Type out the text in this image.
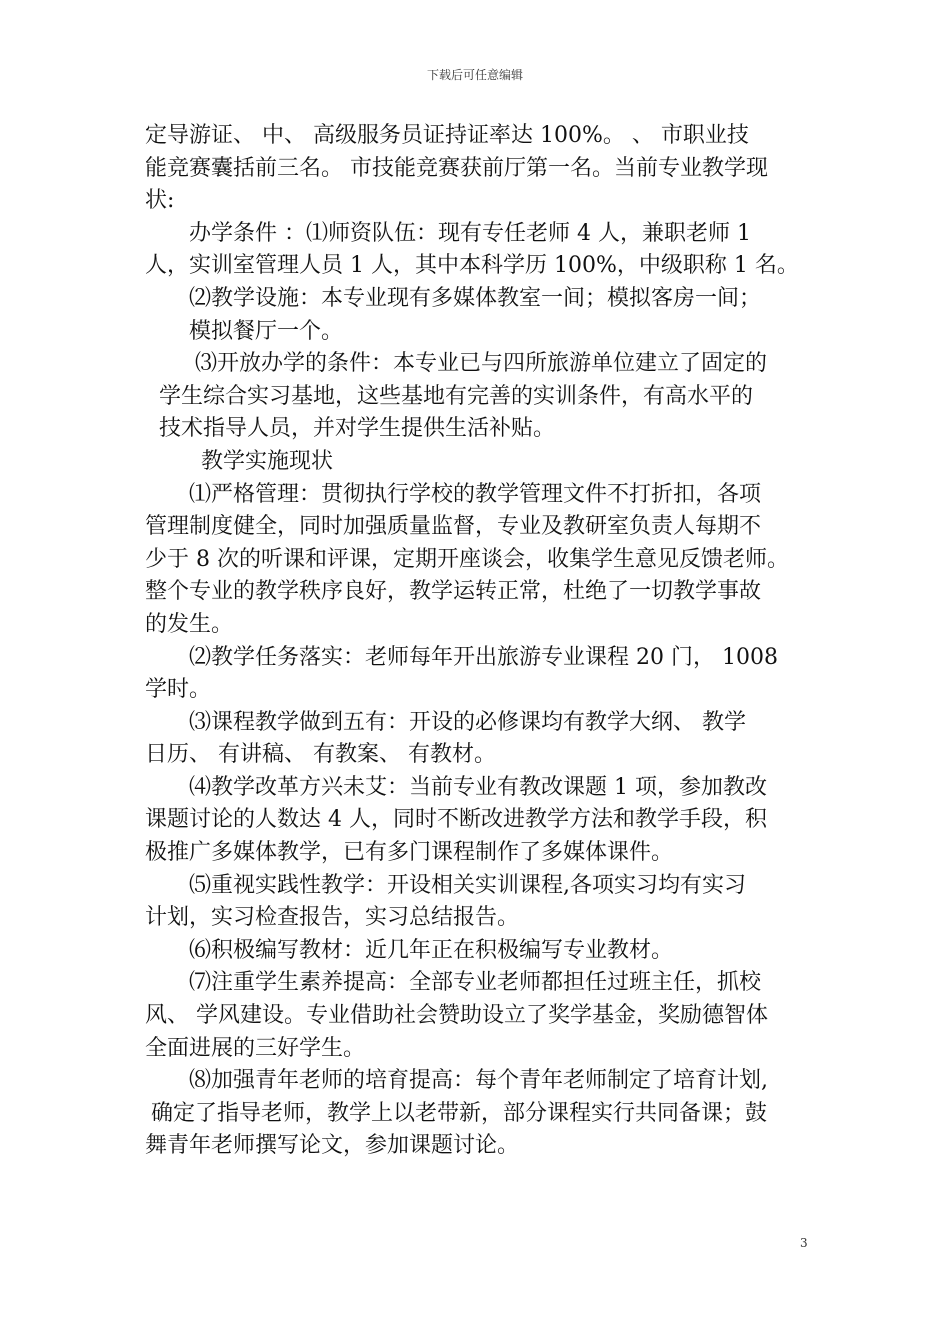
下载后可任意编辑
定导游证、 中、 高级服务员证持证率达 100%。 、 市职业技
能竞赛囊括前三名。 市技能竞赛获前厅第一名。当前专业教学现
状:
办学条件 ：⑴师资队伍：现有专任老师 4 人，兼职老师 1
人，实训室管理人员 1 人，其中本科学历 100%，中级职称 1 名。
⑵教学设施：本专业现有多媒体教室一间；模拟客房一间；
模拟餐厅一个。
⑶开放办学的条件：本专业已与四所旅游单位建立了固定的
学生综合实习基地，这些基地有完善的实训条件，有高水平的
技术指导人员，并对学生提供生活补贴。
教学实施现状
⑴严格管理：贯彻执行学校的教学管理文件不打折扣，各项
管理制度健全，同时加强质量监督，专业及教研室负责人每期不
少于 8 次的听课和评课，定期开座谈会，收集学生意见反馈老师。
整个专业的教学秩序良好，教学运转正常，杜绝了一切教学事故
的发生。
⑵教学任务落实：老师每年开出旅游专业课程 20 门， 1008
学时。
⑶课程教学做到五有：开设的必修课均有教学大纲、 教学
日历、 有讲稿、 有教案、 有教材。
⑷教学改革方兴未艾：当前专业有教改课题 1 项，参加教改
课题讨论的人数达 4 人，同时不断改进教学方法和教学手段，积
极推广多媒体教学，已有多门课程制作了多媒体课件。
⑸重视实践性教学：开设相关实训课程,各项实习均有实习
计划，实习检查报告，实习总结报告。
⑹积极编写教材：近几年正在积极编写专业教材。
⑺注重学生素养提高：全部专业老师都担任过班主任，抓校
风、 学风建设。专业借助社会赞助设立了奖学基金，奖励德智体
全面进展的三好学生。
⑻加强青年老师的培育提高：每个青年老师制定了培育计划,
确定了指导老师，教学上以老带新，部分课程实行共同备课；鼓
舞青年老师撰写论文，参加课题讨论。
3
